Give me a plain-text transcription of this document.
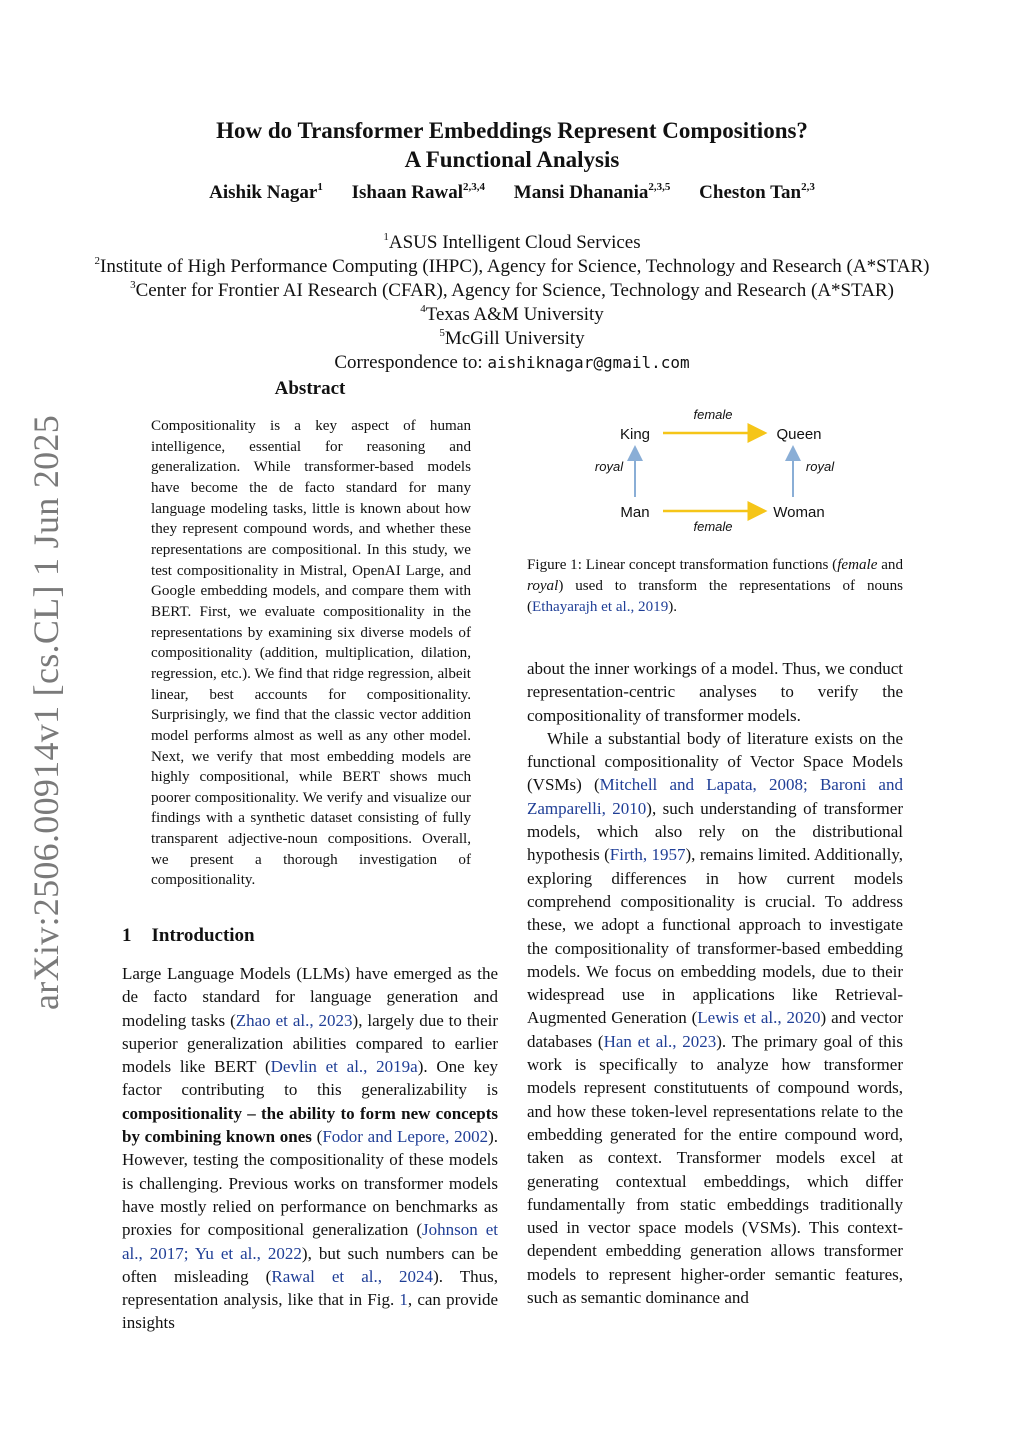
arXiv:2506.00914v1 [cs.CL] 1 Jun 2025
How do Transformer Embeddings Represent Compositions?
A Functional Analysis
Aishik Nagar$^1$ Ishaan Rawal$^{2,3,4}$ Mansi Dhanania$^{2,3,5}$ Cheston Tan$^{2,3}$
$^1$ASUS Intelligent Cloud Services
$^2$Institute of High Performance Computing (IHPC), Agency for Science, Technology and Research (A*STAR)
$^3$Center for Frontier AI Research (CFAR), Agency for Science, Technology and Research (A*STAR)
$^4$Texas A&M University
$^5$McGill University
Correspondence to: aishiknagar@gmail.com
Abstract
Compositionality is a key aspect of human intelligence, essential for reasoning and generalization. While transformer-based models have become the de facto standard for many language modeling tasks, little is known about how they represent compound words, and whether these representations are compositional. In this study, we test compositionality in Mistral, OpenAI Large, and Google embedding models, and compare them with BERT. First, we evaluate compositionality in the representations by examining six diverse models of compositionality (addition, multiplication, dilation, regression, etc.). We find that ridge regression, albeit linear, best accounts for compositionality. Surprisingly, we find that the classic vector addition model performs almost as well as any other model. Next, we verify that most embedding models are highly compositional, while BERT shows much poorer compositionality. We verify and visualize our findings with a synthetic dataset consisting of fully transparent adjective-noun compositions. Overall, we present a thorough investigation of compositionality.
King	Queen
Man	Woman
female
female
royal	royal
Figure 1: Linear concept transformation functions (female and royal) used to transform the representations of nouns (Ethayarajh et al., 2019).
1 Introduction

Large Language Models (LLMs) have emerged as the de facto standard for language generation and modeling tasks (Zhao et al., 2023), largely due to their superior generalization abilities compared to earlier models like BERT (Devlin et al., 2019a). One key factor contributing to this generalizability is compositionality – the ability to form new concepts by combining known ones (Fodor and Lepore, 2002). However, testing the compositionality of these models is challenging. Previous works on transformer models have mostly relied on performance on benchmarks as proxies for compositional generalization (Johnson et al., 2017; Yu et al., 2022), but such numbers can be often misleading (Rawal et al., 2024). Thus, representation analysis, like that in Fig. 1, can provide insights

about the inner workings of a model. Thus, we conduct representation-centric analyses to verify the compositionality of transformer models.

While a substantial body of literature exists on the functional compositionality of Vector Space Models (VSMs) (Mitchell and Lapata, 2008; Baroni and Zamparelli, 2010), such understanding of transformer models, which also rely on the distributional hypothesis (Firth, 1957), remains limited. Additionally, exploring differences in how current models comprehend compositionality is crucial. To address these, we adopt a functional approach to investigate the compositionality of transformer-based embedding models. We focus on embedding models, due to their widespread use in applications like Retrieval-Augmented Generation (Lewis et al., 2020) and vector databases (Han et al., 2023). The primary goal of this work is specifically to analyze how transformer models represent constitutuents of compound words, and how these token-level representations relate to the embedding generated for the entire compound word, taken as context. Transformer models excel at generating contextual embeddings, which differ fundamentally from static embeddings traditionally used in vector space models (VSMs). This context-dependent embedding generation allows transformer models to represent higher-order semantic features, such as semantic dominance and
